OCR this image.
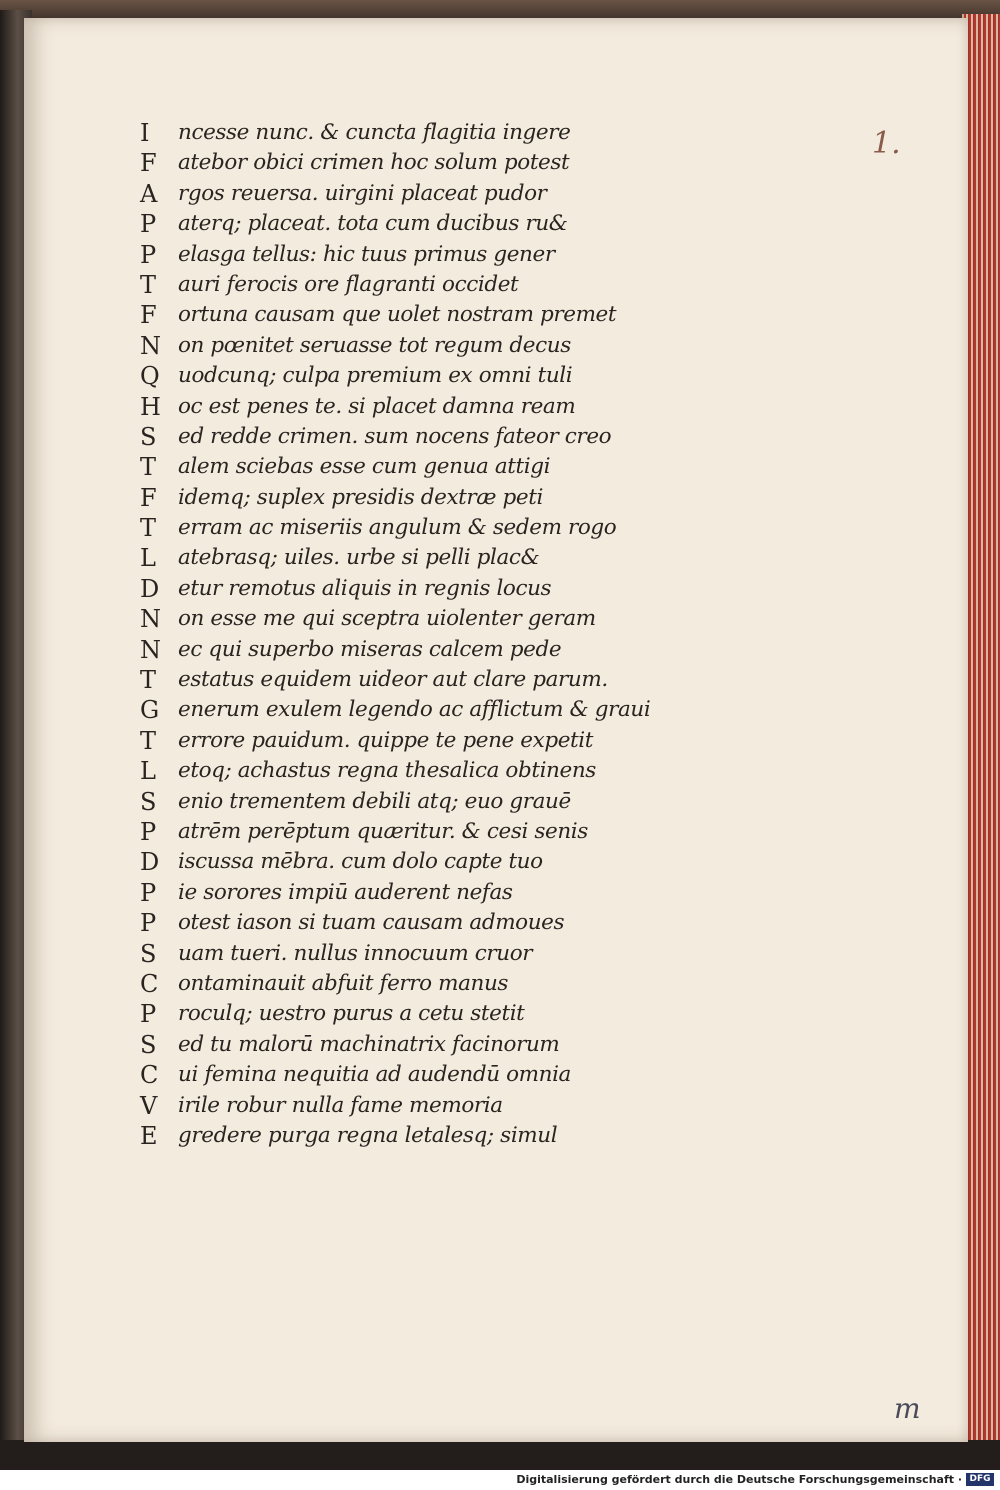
1.
m
I	ncesse nunc. & cuncta flagitia ingere
F atebor obici crimen hoc solum potest
A rgos reuersa. uirgini placeat pudor
P	aterq; placeat. tota cum ducibus ru&
P	elasga tellus: hic tuus primus gener
T	auri ferocis ore flagranti occidet
F ortuna causam que uolet nostram premet
N on pœnitet seruasse tot regum decus
Q uodcunq; culpa premium ex omni tuli
H oc est penes te. si placet damna ream
S	ed redde crimen. sum nocens fateor creo
T	alem sciebas esse cum genua attigi
F idemq; suplex presidis dextræ peti
T	erram ac miseriis angulum & sedem rogo
L	atebrasq; uiles. urbe si pelli plac&
D etur remotus aliquis in regnis locus
N on esse me qui sceptra uiolenter geram
N ec qui superbo miseras calcem pede
T	estatus equidem uideor aut clare parum.
G enerum exulem legendo ac afflictum & graui
T	errore pauidum. quippe te pene expetit
L	etoq; achastus regna thesalica obtinens
S	enio trementem debili atq; euo grauē
P	atrēm perēptum quæritur. & cesi senis
D iscussa mēbra. cum dolo capte tuo
P	ie sorores impiū auderent nefas
P	otest iason si tuam causam admoues
S	uam tueri. nullus innocuum cruor
C ontaminauit abfuit ferro manus
P	roculq; uestro purus a cetu stetit
S	ed tu malorū machinatrix facinorum
C ui femina nequitia ad audendū omnia
V irile robur nulla fame memoria
E gredere purga regna letalesq; simul
Digitalisierung gefördert durch die Deutsche Forschungsgemeinschaft · DFG
